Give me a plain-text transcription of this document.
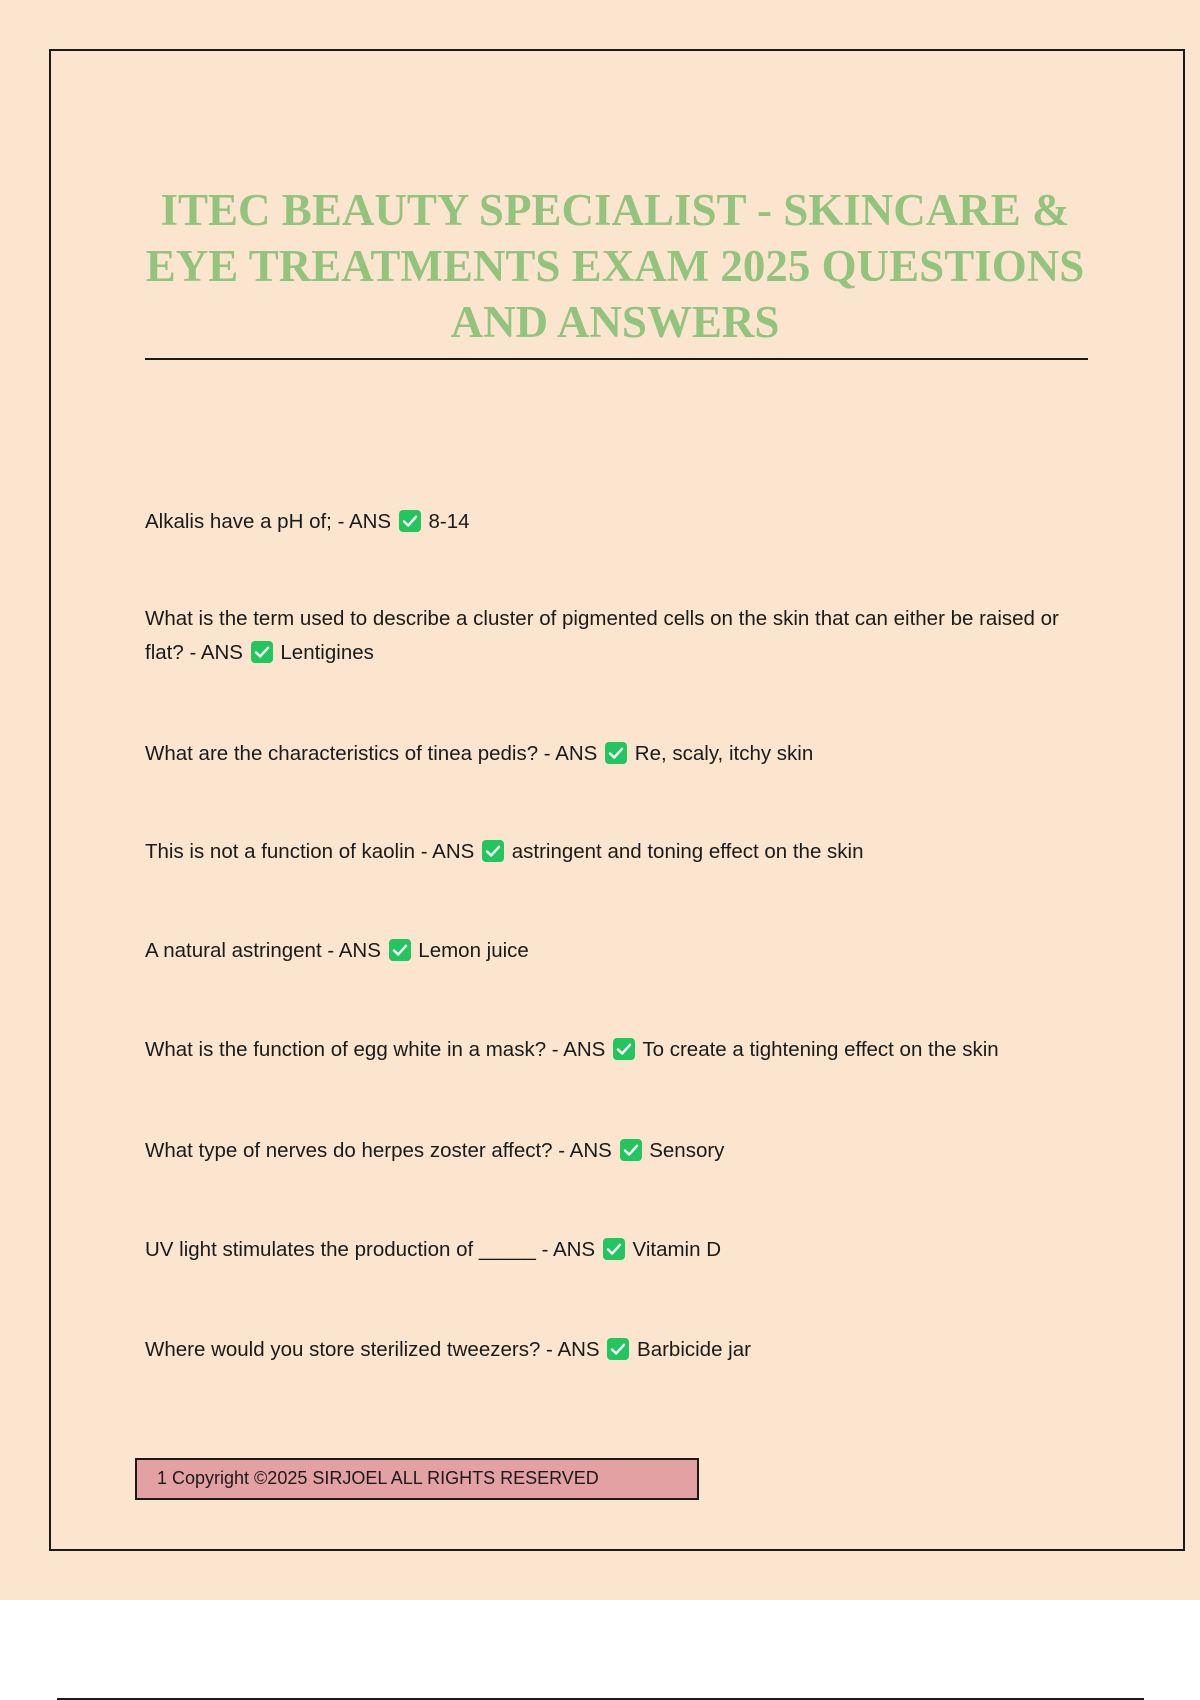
ITEC BEAUTY SPECIALIST - SKINCARE & EYE TREATMENTS EXAM 2025 QUESTIONS AND ANSWERS

Alkalis have a pH of; - ANS 8-14

What is the term used to describe a cluster of pigmented cells on the skin that can either be raised or flat? - ANS Lentigines

What are the characteristics of tinea pedis? - ANS Re, scaly, itchy skin

This is not a function of kaolin - ANS astringent and toning effect on the skin

A natural astringent - ANS Lemon juice

What is the function of egg white in a mask? - ANS To create a tightening effect on the skin

What type of nerves do herpes zoster affect? - ANS Sensory

UV light stimulates the production of _____ - ANS Vitamin D

Where would you store sterilized tweezers? - ANS Barbicide jar

1 Copyright ©2025 SIRJOEL ALL RIGHTS RESERVED
